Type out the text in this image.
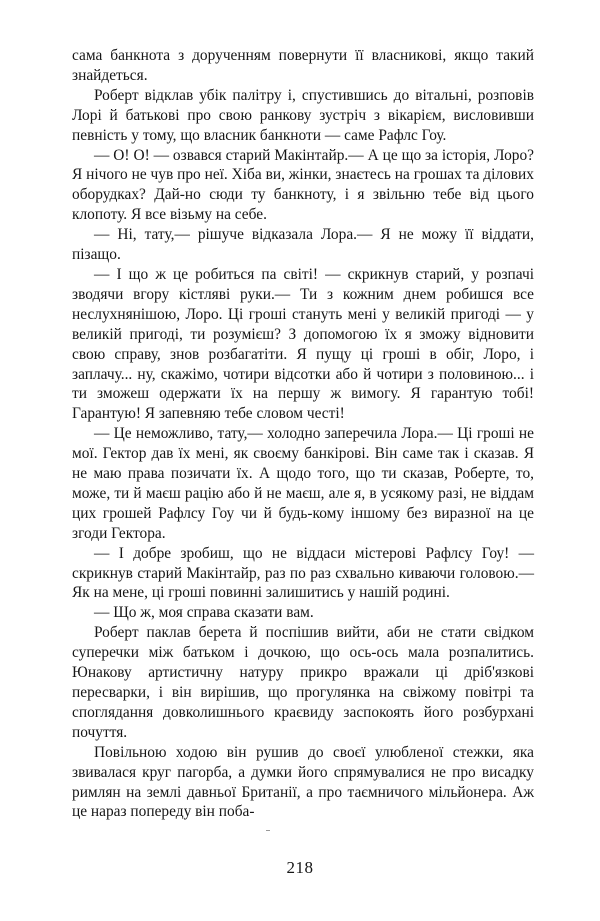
сама банкнота з дорученням повернути її власникові, якщо такий знайдеться.

Роберт відклав убік палітру і, спустившись до вітальні, розповів Лорі й батькові про свою ранкову зустріч з вікарієм, висловивши певність у тому, що власник банкноти — саме Рафлс Гоу.

— О! О! — озвався старий Макінтайр.— А це що за історія, Лоро? Я нічого не чув про неї. Хіба ви, жінки, знаєтесь на грошах та ділових оборудках? Дай-но сюди ту банкноту, і я звільню тебе від цього клопоту. Я все візьму на себе.

— Ні, тату,— рішуче відказала Лора.— Я не можу її віддати, пізащо.

— І що ж це робиться па світі! — скрикнув старий, у розпачі зводячи вгору кістляві руки.— Ти з кожним днем робишся все неслухнянішою, Лоро. Ці гроші стануть мені у великій пригоді — у великій пригоді, ти розумієш? З допомогою їх я зможу відновити свою справу, знов розбагатіти. Я пущу ці гроші в обіг, Лоро, і заплачу... ну, скажімо, чотири відсотки або й чотири з половиною... і ти зможеш одержати їх на першу ж вимогу. Я гарантую тобі! Гарантую! Я запевняю тебе словом честі!

— Це неможливо, тату,— холодно заперечила Лора.— Ці гроші не мої. Гектор дав їх мені, як своєму банкірові. Він саме так і сказав. Я не маю права позичати їх. А щодо того, що ти сказав, Роберте, то, може, ти й маєш рацію або й не маєш, але я, в усякому разі, не віддам цих грошей Рафлсу Гоу чи й будь-кому іншому без виразної на це згоди Гектора.

— І добре зробиш, що не віддаси містерові Рафлсу Гоу! — скрикнув старий Макінтайр, раз по раз схвально киваючи головою.— Як на мене, ці гроші повинні залишитись у нашій родині.

— Що ж, моя справа сказати вам.

Роберт паклав берета й поспішив вийти, аби не стати свідком суперечки між батьком і дочкою, що ось-ось мала розпалитись. Юнакову артистичну натуру прикро вражали ці дріб'язкові пересварки, і він вирішив, що прогулянка на свіжому повітрі та споглядання довколишнього краєвиду заспокоять його розбурхані почуття.

Повільною ходою він рушив до своєї улюбленої стежки, яка звивалася круг пагорба, а думки його спрямувалися не про висадку римлян на землі давньої Британії, а про таємничого мільйонера. Аж це нараз попереду він поба-

218
